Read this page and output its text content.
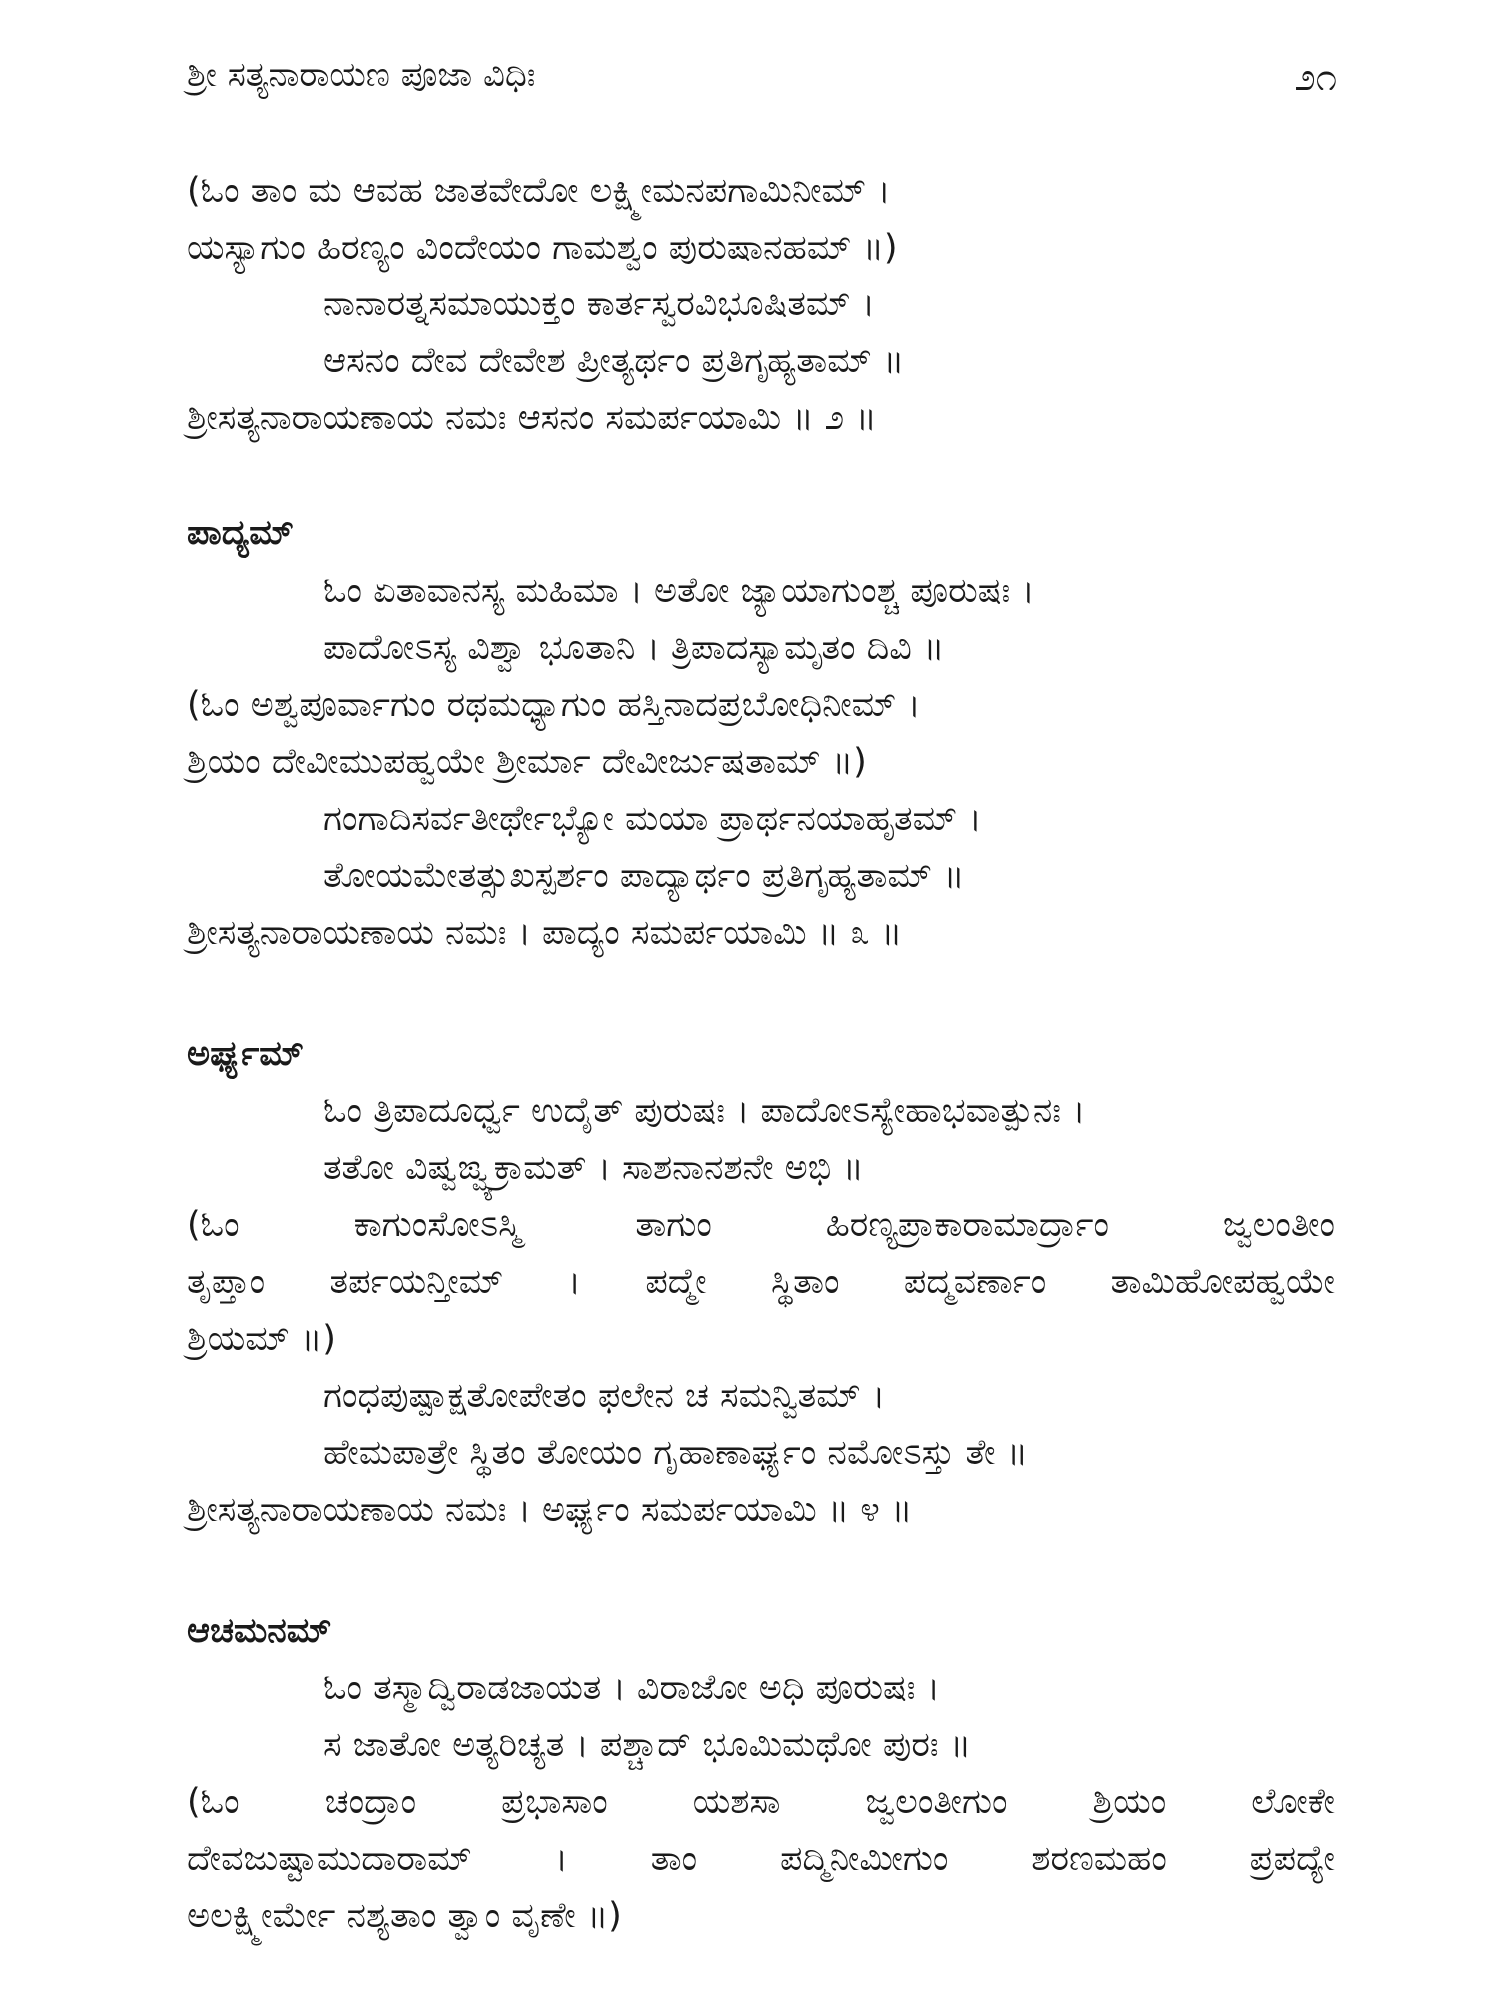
ಶ್ರೀ ಸತ್ಯನಾರಾಯಣ ಪೂಜಾ ವಿಧಿಃ	೨೧
(ಓಂ ತಾಂ ಮ ಆವಹ ಜಾತವೇದೋ ಲಕ್ಷ್ಮೀಮನಪಗಾಮಿನೀಮ್ ।
ಯಸ್ಯಾಗುಂ ಹಿರಣ್ಯಂ ವಿಂದೇಯಂ ಗಾಮಶ್ವಂ ಪುರುಷಾನಹಮ್ ॥)
ನಾನಾರತ್ನಸಮಾಯುಕ್ತಂ ಕಾರ್ತಸ್ವರವಿಭೂಷಿತಮ್ ।
ಆಸನಂ ದೇವ ದೇವೇಶ ಪ್ರೀತ್ಯರ್ಥಂ ಪ್ರತಿಗೃಹ್ಯತಾಮ್ ॥
ಶ್ರೀಸತ್ಯನಾರಾಯಣಾಯ ನಮಃ ಆಸನಂ ಸಮರ್ಪಯಾಮಿ ॥ ೨ ॥
ಪಾದ್ಯಮ್
ಓಂ ಏತಾವಾನಸ್ಯ ಮಹಿಮಾ । ಅತೋ ಜ್ಯಾಯಾಗುಂಶ್ಚ ಪೂರುಷಃ ।
ಪಾದೋಽಸ್ಯ ವಿಶ್ವಾ ಭೂತಾನಿ । ತ್ರಿಪಾದಸ್ಯಾಮೃತಂ ದಿವಿ ॥
(ಓಂ ಅಶ್ವಪೂರ್ವಾಗುಂ ರಥಮಧ್ಯಾಗುಂ ಹಸ್ತಿನಾದಪ್ರಬೋಧಿನೀಮ್ ।
ಶ್ರಿಯಂ ದೇವೀಮುಪಹ್ವಯೇ ಶ್ರೀರ್ಮಾ ದೇವೀರ್ಜುಷತಾಮ್ ॥)
ಗಂಗಾದಿಸರ್ವತೀರ್ಥೇಭ್ಯೋ ಮಯಾ ಪ್ರಾರ್ಥನಯಾಹೃತಮ್ ।
ತೋಯಮೇತತ್ಸುಖಸ್ಪರ್ಶಂ ಪಾದ್ಯಾರ್ಥಂ ಪ್ರತಿಗೃಹ್ಯತಾಮ್ ॥
ಶ್ರೀಸತ್ಯನಾರಾಯಣಾಯ ನಮಃ । ಪಾದ್ಯಂ ಸಮರ್ಪಯಾಮಿ ॥ ೩ ॥
ಅರ್ಘ್ಯಮ್
ಓಂ ತ್ರಿಪಾದೂರ್ಧ್ವ ಉದೈತ್ ಪುರುಷಃ । ಪಾದೋಽಸ್ಯೇಹಾಭವಾತ್ಪುನಃ ।
ತತೋ ವಿಷ್ವಙ್ವ್ಯಕ್ರಾಮತ್ । ಸಾಶನಾನಶನೇ ಅಭಿ ॥
(ಓಂ ಕಾಗುಂಸೋಽಸ್ಮಿ ತಾಗುಂ ಹಿರಣ್ಯಪ್ರಾಕಾರಾಮಾರ್ದ್ರಾಂ ಜ್ವಲಂತೀಂ
ತೃಪ್ತಾಂ ತರ್ಪಯನ್ತೀಮ್ । ಪದ್ಮೇ ಸ್ಥಿತಾಂ ಪದ್ಮವರ್ಣಾಂ ತಾಮಿಹೋಪಹ್ವಯೇ
ಶ್ರಿಯಮ್ ॥)
ಗಂಧಪುಷ್ಪಾಕ್ಷತೋಪೇತಂ ಫಲೇನ ಚ ಸಮನ್ವಿತಮ್ ।
ಹೇಮಪಾತ್ರೇ ಸ್ಥಿತಂ ತೋಯಂ ಗೃಹಾಣಾರ್ಘ್ಯಂ ನಮೋಽಸ್ತು ತೇ ॥
ಶ್ರೀಸತ್ಯನಾರಾಯಣಾಯ ನಮಃ । ಅರ್ಘ್ಯಂ ಸಮರ್ಪಯಾಮಿ ॥ ೪ ॥
ಆಚಮನಮ್
ಓಂ ತಸ್ಮಾದ್ವಿರಾಡಜಾಯತ । ವಿರಾಜೋ ಅಧಿ ಪೂರುಷಃ ।
ಸ ಜಾತೋ ಅತ್ಯರಿಚ್ಯತ । ಪಶ್ಚಾದ್ ಭೂಮಿಮಥೋ ಪುರಃ ॥
(ಓಂ ಚಂದ್ರಾಂ ಪ್ರಭಾಸಾಂ ಯಶಸಾ ಜ್ವಲಂತೀಗುಂ ಶ್ರಿಯಂ ಲೋಕೇ
ದೇವಜುಷ್ಟಾಮುದಾರಾಮ್ । ತಾಂ ಪದ್ಮಿನೀಮೀಗುಂ ಶರಣಮಹಂ ಪ್ರಪದ್ಯೇ
ಅಲಕ್ಷ್ಮೀರ್ಮೇ ನಶ್ಯತಾಂ ತ್ವಾಂ ವೃಣೇ ॥)
